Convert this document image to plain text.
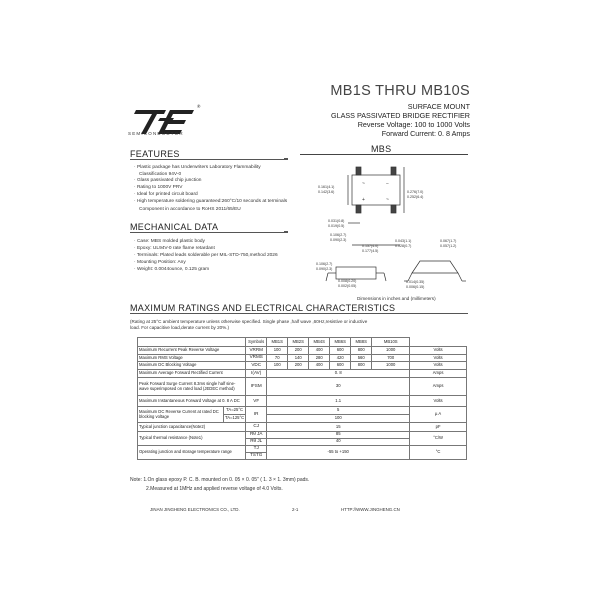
®
SEMICONDUCTOR
MB1S THRU MB10S
SURFACE MOUNT
GLASS PASSIVATED BRIDGE RECTIFIER
Reverse Voltage: 100 to 1000 Volts
Forward Current: 0. 8 Amps
FEATURES
· Plastic package has Underwriters Laboratory Flammability
Classification 94V-0
· Glass passivated chip junction
· Rating to 1000V PRV
· Ideal for printed circuit board
· High temperature soldering guaranteed:260°C/10 seconds at terminals
Component in accordance to RoHS 2011/65/EU
MECHANICAL DATA
· Case: MBS molded plastic body
· Epoxy: UL94V-0 rate flame retardant
· Terminals: Plated leads solderable per MIL-STD-750,method 2026
· Mounting Position: Any
· Weight: 0.0044ounce, 0.125 gram
MBS
~	−
+	~
0.161(4.1)
0.142(3.6)	0.276(7.0)
0.252(6.4)
0.031(0.8)
0.019(0.5)
0.106(2.7)
0.090(2.3)	0.043(1.1)
0.028(0.7)
0.157(4.0)
0.177(4.5)
0.067(1.7)
0.057(1.2)
0.106(2.7)
0.090(2.3)
0.008(0.20)
0.002(0.05)
0.014(0.35)
0.006(0.15)
Dimensions in inches and (millimeters)
MAXIMUM RATINGS AND ELECTRICAL CHARACTERISTICS
(Rating at 25°C ambient temperature unless otherwise specified. Single phase ,half wave ,60Hz,resistive or inductive
load. For capacitive load,derate current by 20%.)
		Symbols	MB1S	MB2S	MB4S	MB6S	MB8S	MB10S	
Maximum Recurrent Peak Reverse Voltage		VRRM	100	200	400	600	800	1000	Volts
Maximum RMS Voltage		VRMS	70	140	280	420	560	700	Volts
Maximum DC Blocking Voltage		VDC	100	200	400	600	800	1000	Volts
Maximum Average Forward Rectified Current		I(AV)	0. 8						Amps
Peak Forward Surge Current 8.3ms single half sine-wave superimposed on rated load (JEDEC method)		IFSM	30						Amps
Maximum Instantaneous Forward Voltage at 0. 8 A DC		VF	1.1						Volts
Maximum DC Reverse Current at rated DC blocking voltage	TA=25°C	IR	5						µ A
	TA=125°C		100						
Typical junction capacitance(Note2)		CJ	15						pF
Typical thermal resistance (Note1)		Rθ JA	85						°C/W
		Rθ JL	40						
Operating junction and storage temperature range		TJ	-55 to +150						°C
		TSTG							
Note: 1.On glass epoxy P. C. B. mounted on 0. 05 × 0. 05" ( 1. 3 × 1. 3mm) pads.
2.Measured at 1MHz and applied reverse voltage of 4.0 Volts.
JINAN JINGHENG ELECTRONICS CO., LTD.	2-1	HTTP://WWW.JINGHENG.CN
